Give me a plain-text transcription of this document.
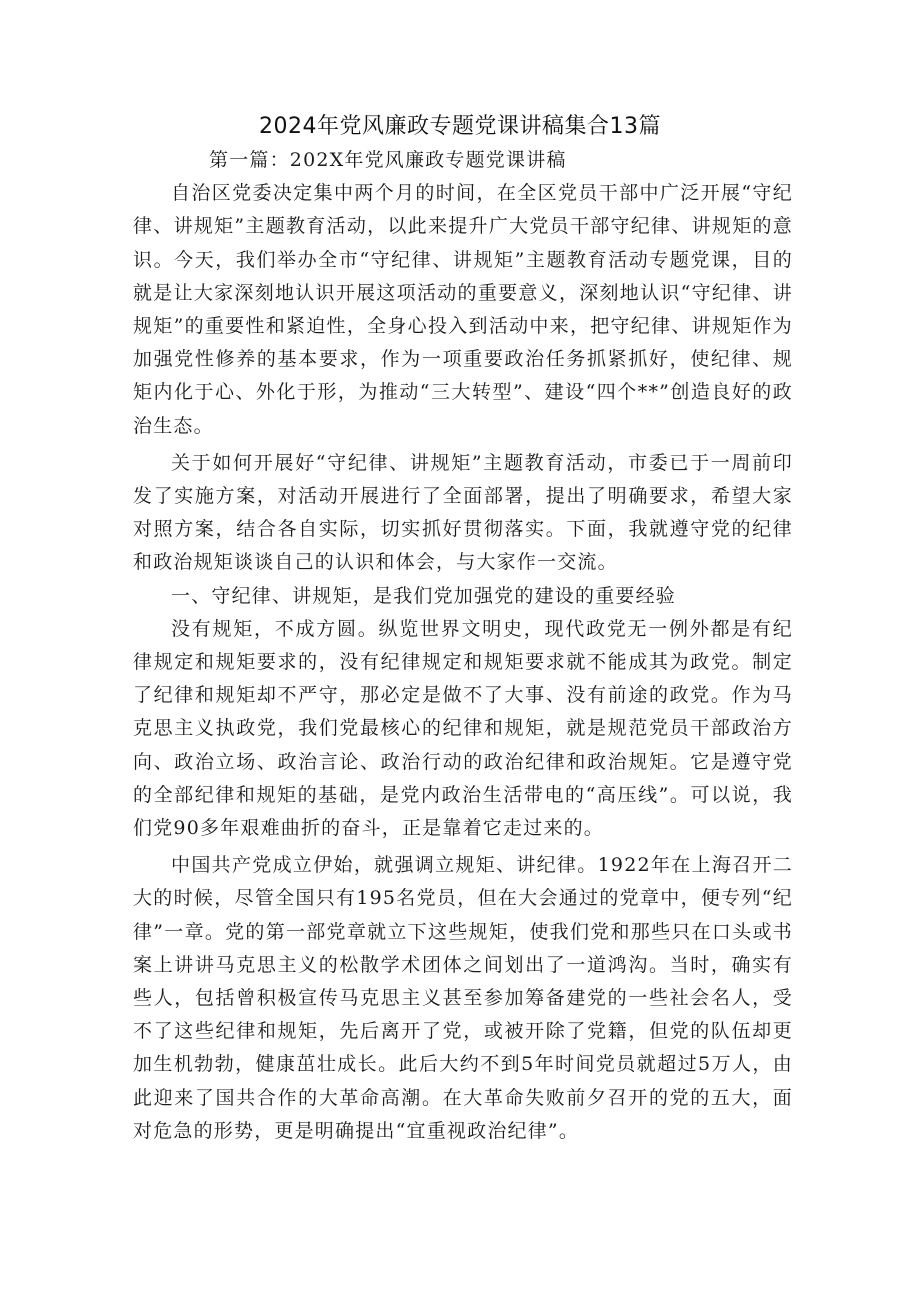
2024年党风廉政专题党课讲稿集合13篇

第一篇：202X年党风廉政专题党课讲稿

自治区党委决定集中两个月的时间，在全区党员干部中广泛开展“守纪律、讲规矩”主题教育活动，以此来提升广大党员干部守纪律、讲规矩的意识。今天，我们举办全市“守纪律、讲规矩”主题教育活动专题党课，目的就是让大家深刻地认识开展这项活动的重要意义，深刻地认识“守纪律、讲规矩”的重要性和紧迫性，全身心投入到活动中来，把守纪律、讲规矩作为加强党性修养的基本要求，作为一项重要政治任务抓紧抓好，使纪律、规矩内化于心、外化于形，为推动“三大转型”、建设“四个**”创造良好的政治生态。

关于如何开展好“守纪律、讲规矩”主题教育活动，市委已于一周前印发了实施方案，对活动开展进行了全面部署，提出了明确要求，希望大家对照方案，结合各自实际，切实抓好贯彻落实。下面，我就遵守党的纪律和政治规矩谈谈自己的认识和体会，与大家作一交流。

一、守纪律、讲规矩，是我们党加强党的建设的重要经验

没有规矩，不成方圆。纵览世界文明史，现代政党无一例外都是有纪律规定和规矩要求的，没有纪律规定和规矩要求就不能成其为政党。制定了纪律和规矩却不严守，那必定是做不了大事、没有前途的政党。作为马克思主义执政党，我们党最核心的纪律和规矩，就是规范党员干部政治方向、政治立场、政治言论、政治行动的政治纪律和政治规矩。它是遵守党的全部纪律和规矩的基础，是党内政治生活带电的“高压线”。可以说，我们党90多年艰难曲折的奋斗，正是靠着它走过来的。

中国共产党成立伊始，就强调立规矩、讲纪律。1922年在上海召开二大的时候，尽管全国只有195名党员，但在大会通过的党章中，便专列“纪律”一章。党的第一部党章就立下这些规矩，使我们党和那些只在口头或书案上讲讲马克思主义的松散学术团体之间划出了一道鸿沟。当时，确实有些人，包括曾积极宣传马克思主义甚至参加筹备建党的一些社会名人，受不了这些纪律和规矩，先后离开了党，或被开除了党籍，但党的队伍却更加生机勃勃，健康茁壮成长。此后大约不到5年时间党员就超过5万人，由此迎来了国共合作的大革命高潮。在大革命失败前夕召开的党的五大，面对危急的形势，更是明确提出“宜重视政治纪律”。
